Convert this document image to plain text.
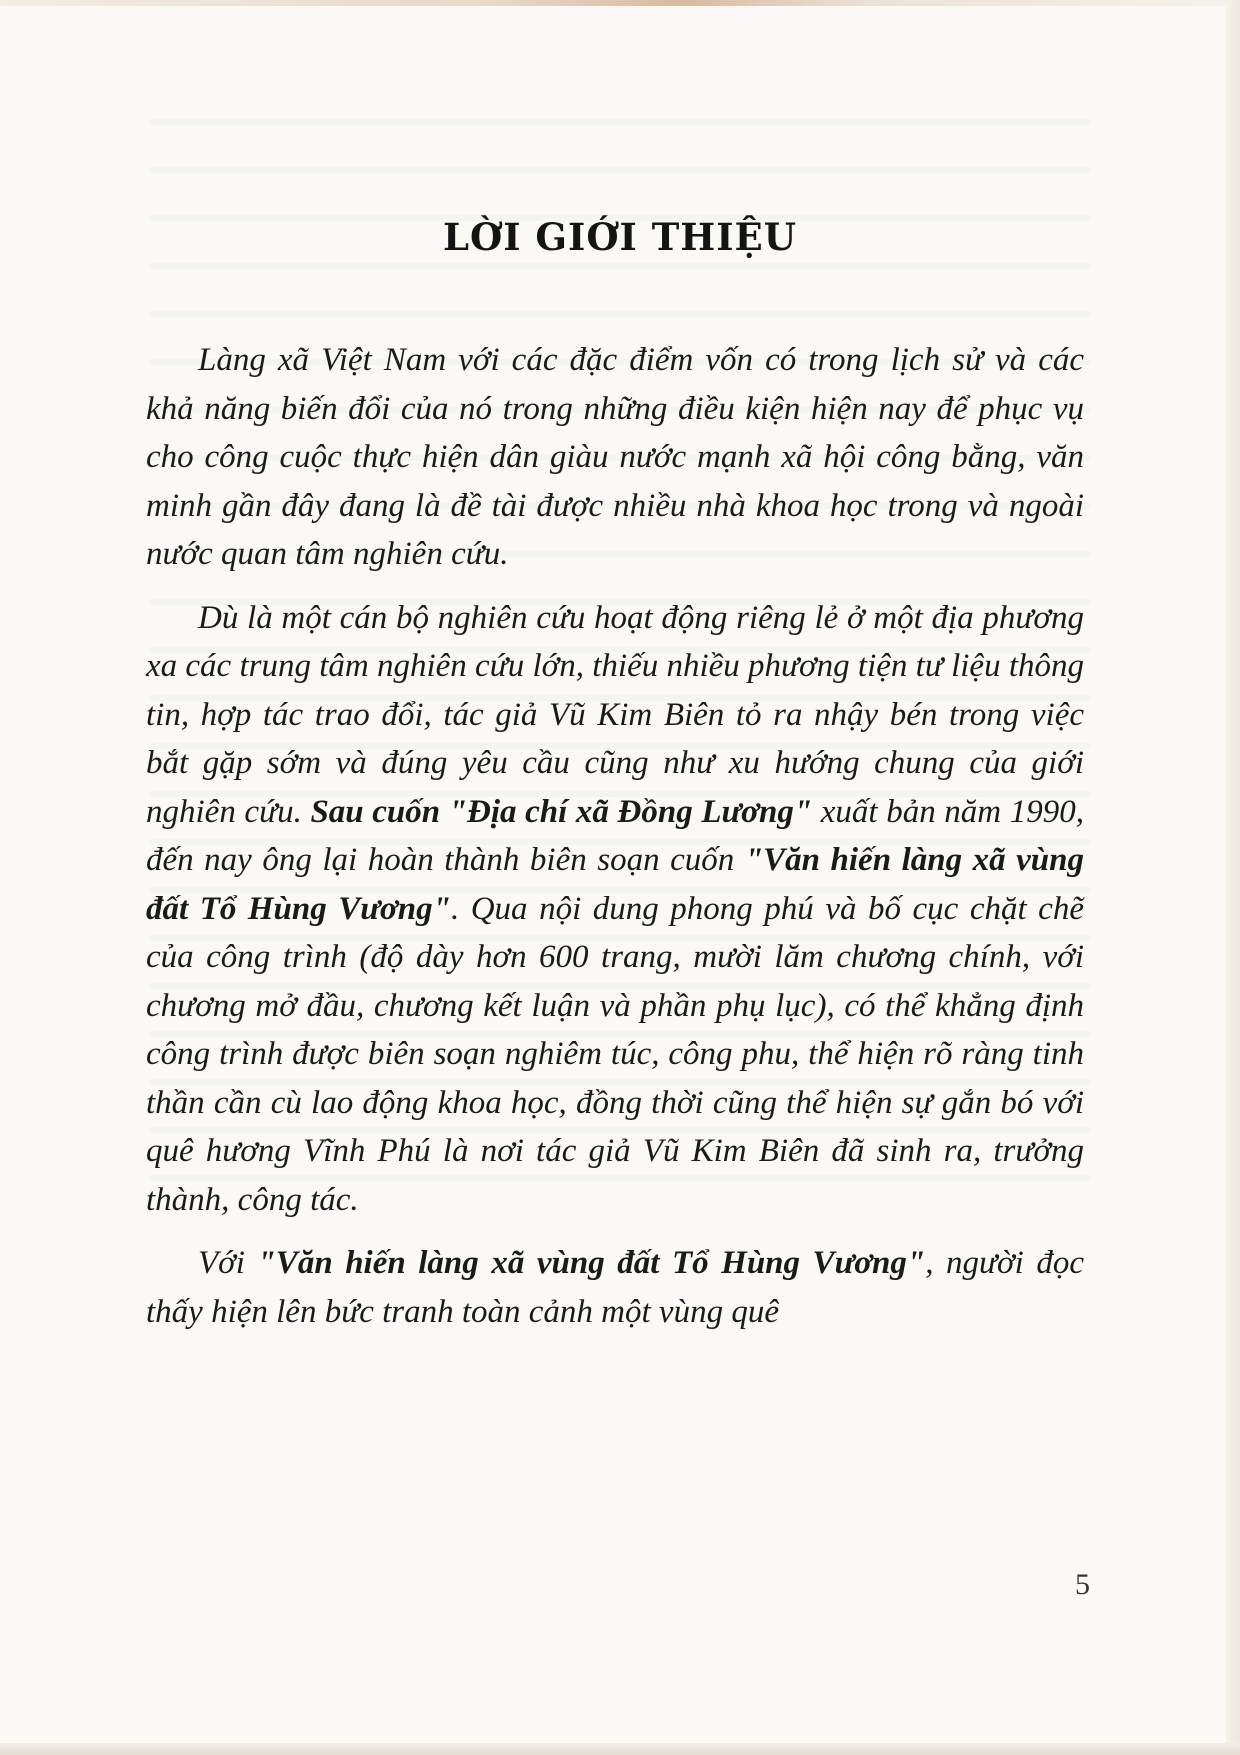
LỜI GIỚI THIỆU

Làng xã Việt Nam với các đặc điểm vốn có trong lịch sử và các khả năng biến đổi của nó trong những điều kiện hiện nay để phục vụ cho công cuộc thực hiện dân giàu nước mạnh xã hội công bằng, văn minh gần đây đang là đề tài được nhiều nhà khoa học trong và ngoài nước quan tâm nghiên cứu.

Dù là một cán bộ nghiên cứu hoạt động riêng lẻ ở một địa phương xa các trung tâm nghiên cứu lớn, thiếu nhiều phương tiện tư liệu thông tin, hợp tác trao đổi, tác giả Vũ Kim Biên tỏ ra nhậy bén trong việc bắt gặp sớm và đúng yêu cầu cũng như xu hướng chung của giới nghiên cứu. Sau cuốn "Địa chí xã Đồng Lương" xuất bản năm 1990, đến nay ông lại hoàn thành biên soạn cuốn "Văn hiến làng xã vùng đất Tổ Hùng Vương". Qua nội dung phong phú và bố cục chặt chẽ của công trình (độ dày hơn 600 trang, mười lăm chương chính, với chương mở đầu, chương kết luận và phần phụ lục), có thể khẳng định công trình được biên soạn nghiêm túc, công phu, thể hiện rõ ràng tinh thần cần cù lao động khoa học, đồng thời cũng thể hiện sự gắn bó với quê hương Vĩnh Phú là nơi tác giả Vũ Kim Biên đã sinh ra, trưởng thành, công tác.

Với "Văn hiến làng xã vùng đất Tổ Hùng Vương", người đọc thấy hiện lên bức tranh toàn cảnh một vùng quê

5
